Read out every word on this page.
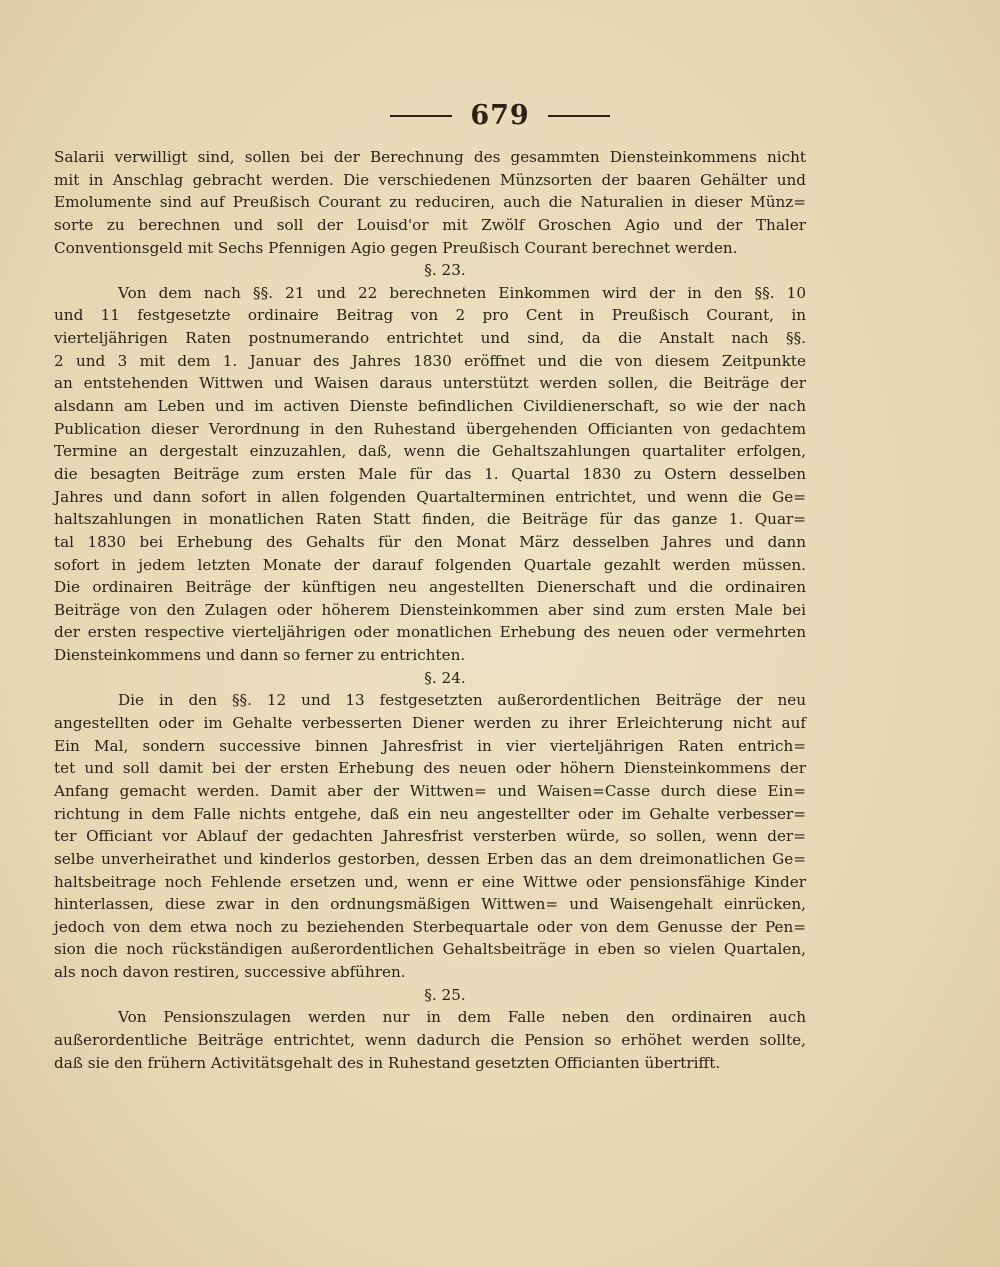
679
Salarii verwilligt sind, sollen bei der Berechnung des gesammten Diensteinkommens nicht
mit in Anschlag gebracht werden. Die verschiedenen Münzsorten der baaren Gehälter und
Emolumente sind auf Preußisch Courant zu reduciren, auch die Naturalien in dieser Münz=
sorte zu berechnen und soll der Louisd'or mit Zwölf Groschen Agio und der Thaler
Conventionsgeld mit Sechs Pfennigen Agio gegen Preußisch Courant berechnet werden.
§. 23.
Von dem nach §§. 21 und 22 berechneten Einkommen wird der in den §§. 10
und 11 festgesetzte ordinaire Beitrag von 2 pro Cent in Preußisch Courant, in
vierteljährigen Raten postnumerando entrichtet und sind, da die Anstalt nach §§.
2 und 3 mit dem 1. Januar des Jahres 1830 eröffnet und die von diesem Zeitpunkte
an entstehenden Wittwen und Waisen daraus unterstützt werden sollen, die Beiträge der
alsdann am Leben und im activen Dienste befindlichen Civildienerschaft, so wie der nach
Publication dieser Verordnung in den Ruhestand übergehenden Officianten von gedachtem
Termine an dergestalt einzuzahlen, daß, wenn die Gehaltszahlungen quartaliter erfolgen,
die besagten Beiträge zum ersten Male für das 1. Quartal 1830 zu Ostern desselben
Jahres und dann sofort in allen folgenden Quartalterminen entrichtet, und wenn die Ge=
haltszahlungen in monatlichen Raten Statt finden, die Beiträge für das ganze 1. Quar=
tal 1830 bei Erhebung des Gehalts für den Monat März desselben Jahres und dann
sofort in jedem letzten Monate der darauf folgenden Quartale gezahlt werden müssen.
Die ordinairen Beiträge der künftigen neu angestellten Dienerschaft und die ordinairen
Beiträge von den Zulagen oder höherem Diensteinkommen aber sind zum ersten Male bei
der ersten respective vierteljährigen oder monatlichen Erhebung des neuen oder vermehrten
Diensteinkommens und dann so ferner zu entrichten.
§. 24.
Die in den §§. 12 und 13 festgesetzten außerordentlichen Beiträge der neu
angestellten oder im Gehalte verbesserten Diener werden zu ihrer Erleichterung nicht auf
Ein Mal, sondern successive binnen Jahresfrist in vier vierteljährigen Raten entrich=
tet und soll damit bei der ersten Erhebung des neuen oder höhern Diensteinkommens der
Anfang gemacht werden. Damit aber der Wittwen= und Waisen=Casse durch diese Ein=
richtung in dem Falle nichts entgehe, daß ein neu angestellter oder im Gehalte verbesser=
ter Officiant vor Ablauf der gedachten Jahresfrist versterben würde, so sollen, wenn der=
selbe unverheirathet und kinderlos gestorben, dessen Erben das an dem dreimonatlichen Ge=
haltsbeitrage noch Fehlende ersetzen und, wenn er eine Wittwe oder pensionsfähige Kinder
hinterlassen, diese zwar in den ordnungsmäßigen Wittwen= und Waisengehalt einrücken,
jedoch von dem etwa noch zu beziehenden Sterbequartale oder von dem Genusse der Pen=
sion die noch rückständigen außerordentlichen Gehaltsbeiträge in eben so vielen Quartalen,
als noch davon restiren, successive abführen.
§. 25.
Von Pensionszulagen werden nur in dem Falle neben den ordinairen auch
außerordentliche Beiträge entrichtet, wenn dadurch die Pension so erhöhet werden sollte,
daß sie den frühern Activitätsgehalt des in Ruhestand gesetzten Officianten übertrifft.
